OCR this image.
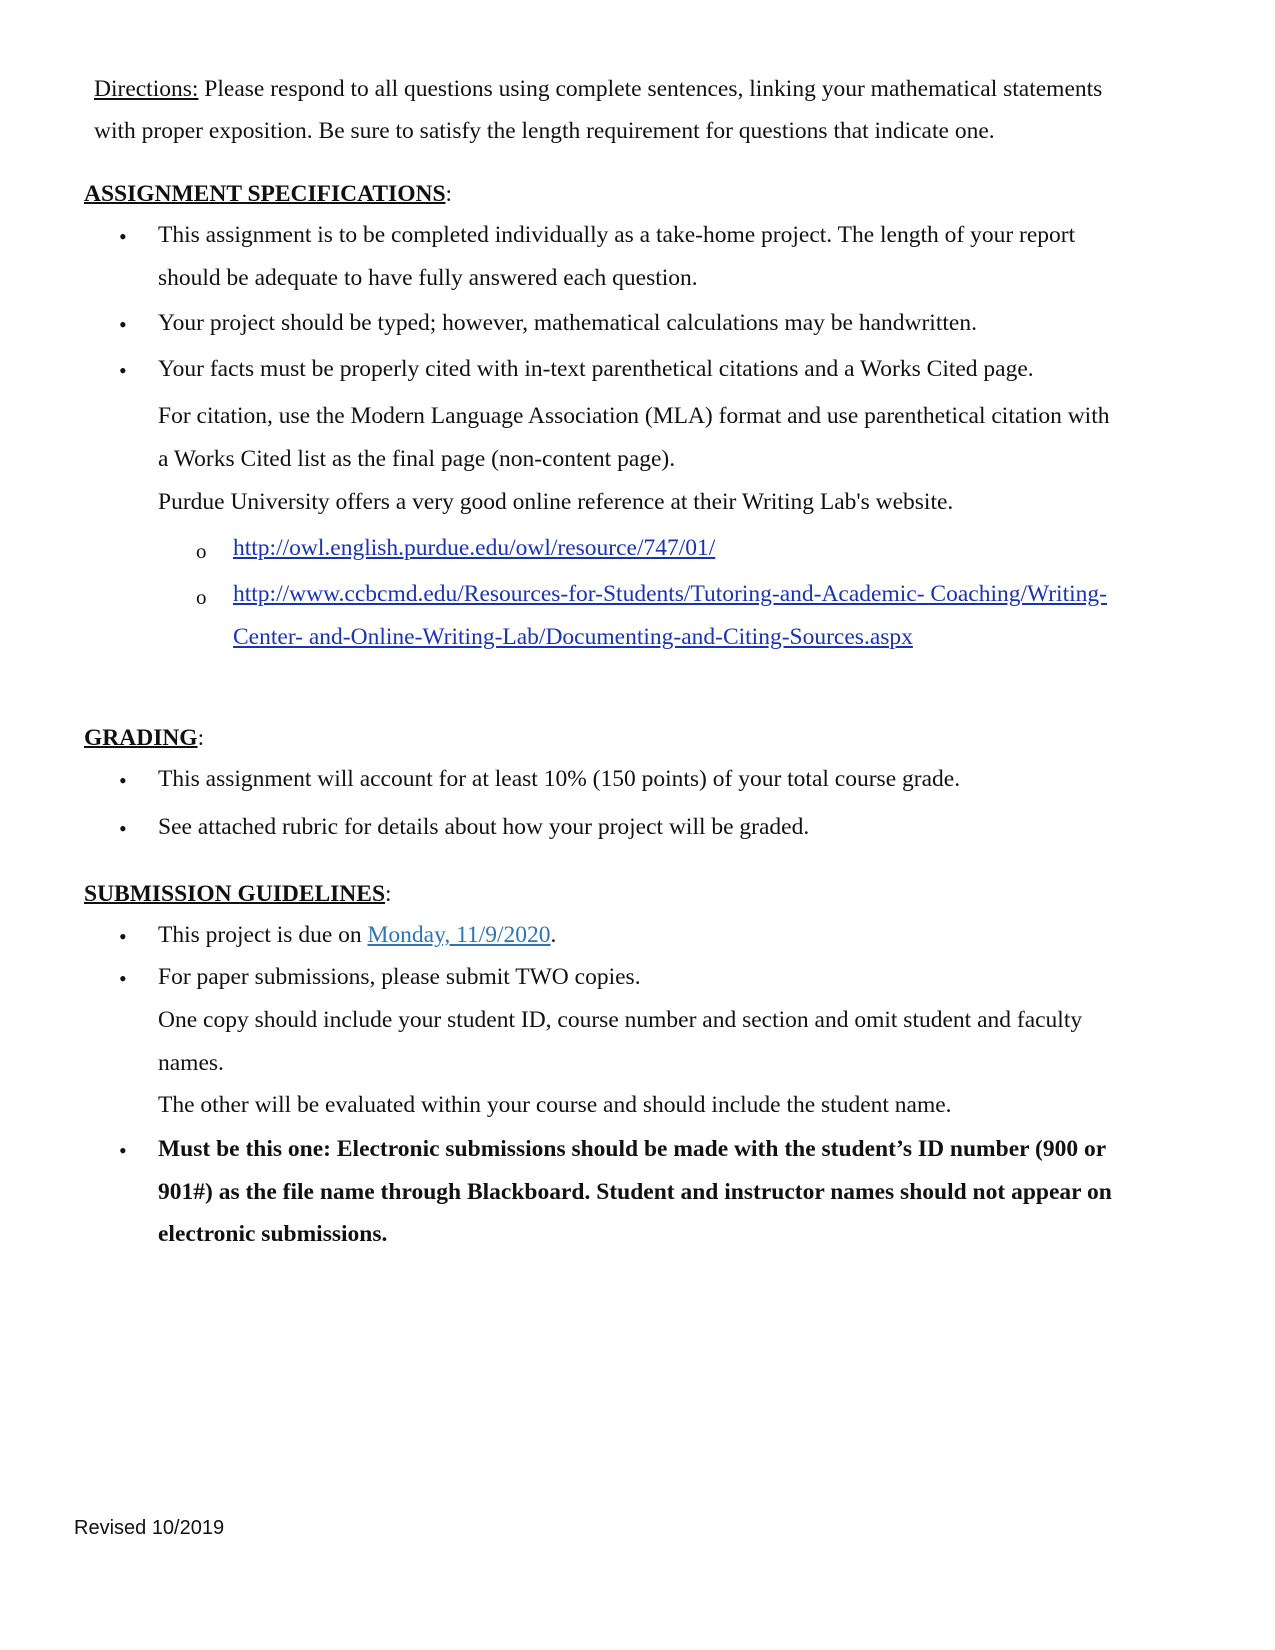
Directions: Please respond to all questions using complete sentences, linking your mathematical statements
with proper exposition. Be sure to satisfy the length requirement for questions that indicate one.
ASSIGNMENT SPECIFICATIONS:
• This assignment is to be completed individually as a take-home project. The length of your report
should be adequate to have fully answered each question.
• Your project should be typed; however, mathematical calculations may be handwritten.
• Your facts must be properly cited with in-text parenthetical citations and a Works Cited page.
For citation, use the Modern Language Association (MLA) format and use parenthetical citation with
a Works Cited list as the final page (non-content page).
Purdue University offers a very good online reference at their Writing Lab's website.
o http://owl.english.purdue.edu/owl/resource/747/01/
o http://www.ccbcmd.edu/Resources-for-Students/Tutoring-and-Academic- Coaching/Writing-
Center- and-Online-Writing-Lab/Documenting-and-Citing-Sources.aspx
GRADING:
• This assignment will account for at least 10% (150 points) of your total course grade.
• See attached rubric for details about how your project will be graded.
SUBMISSION GUIDELINES:
• This project is due on Monday, 11/9/2020.
• For paper submissions, please submit TWO copies.
One copy should include your student ID, course number and section and omit student and faculty
names.
The other will be evaluated within your course and should include the student name.
• Must be this one: Electronic submissions should be made with the student’s ID number (900 or
901#) as the file name through Blackboard. Student and instructor names should not appear on
electronic submissions.
Revised 10/2019
